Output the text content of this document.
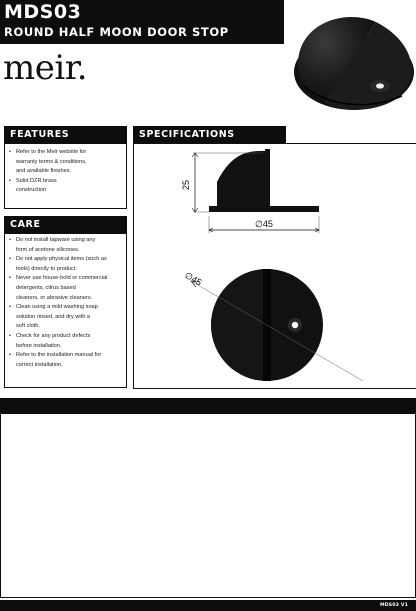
MDS03
ROUND HALF MOON DOOR STOP
meir.
FEATURES
• Refer to the Meir website for
warranty terms & conditions,
and available finishes.
• Solid DZR brass
construction
CARE
• Do not install tapware using any
form of acetone silicones.
• Do not apply physical items (such as
tools) directly to product.
• Never use house-hold or commercial
detergents, citrus based
cleaners, or abrasive cleaners.
• Clean using a mild washing soap
solution rinsed, and dry with a
soft cloth.
• Check for any product defects
before installation.
• Refer to the installation manual for
correct installation.
SPECIFICATIONS
25
∅45
∅45
MDS03 V1
